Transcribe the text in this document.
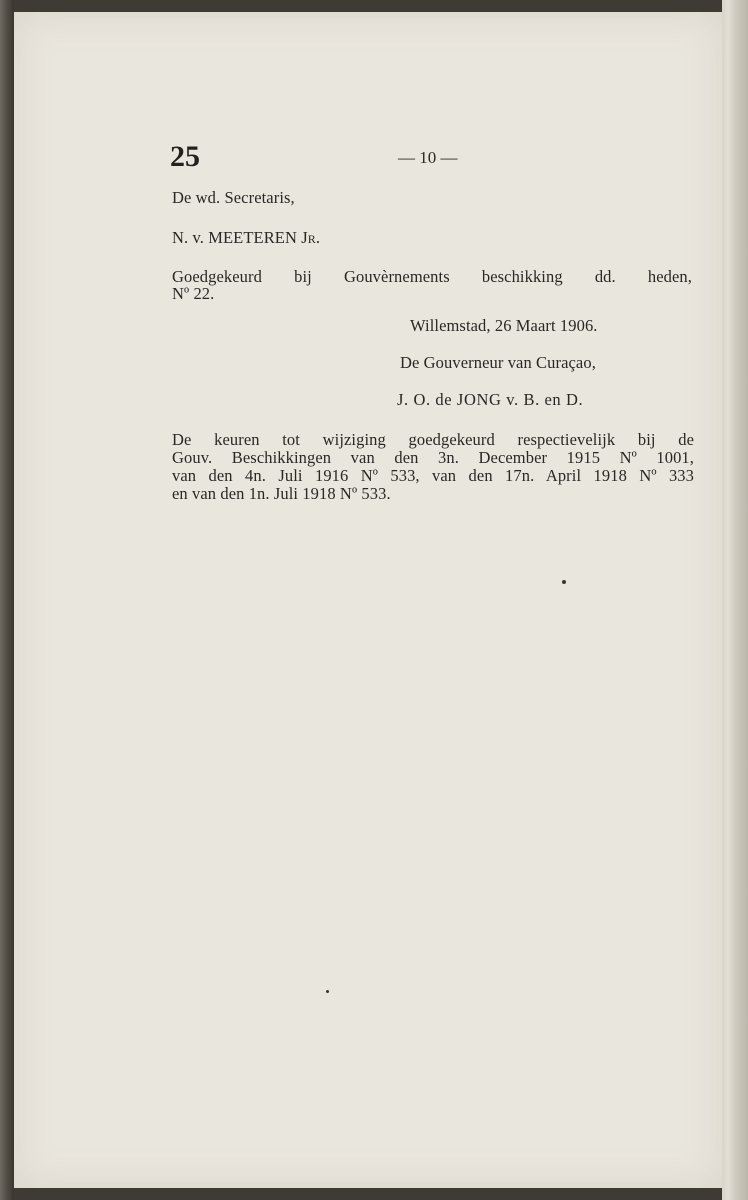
25	— 10 —
De wd. Secretaris,
N. v. MEETEREN Jr.
Goedgekeurd bij Gouvèrnements beschikking dd. heden,
Nº 22.
Willemstad, 26 Maart 1906.
De Gouverneur van Curaçao,
J. O. de JONG v. B. en D.
De keuren tot wijziging goedgekeurd respectievelijk bij de
Gouv. Beschikkingen van den 3n. December 1915 Nº 1001,
van den 4n. Juli 1916 Nº 533, van den 17n. April 1918 Nº 333
en van den 1n. Juli 1918 Nº 533.
